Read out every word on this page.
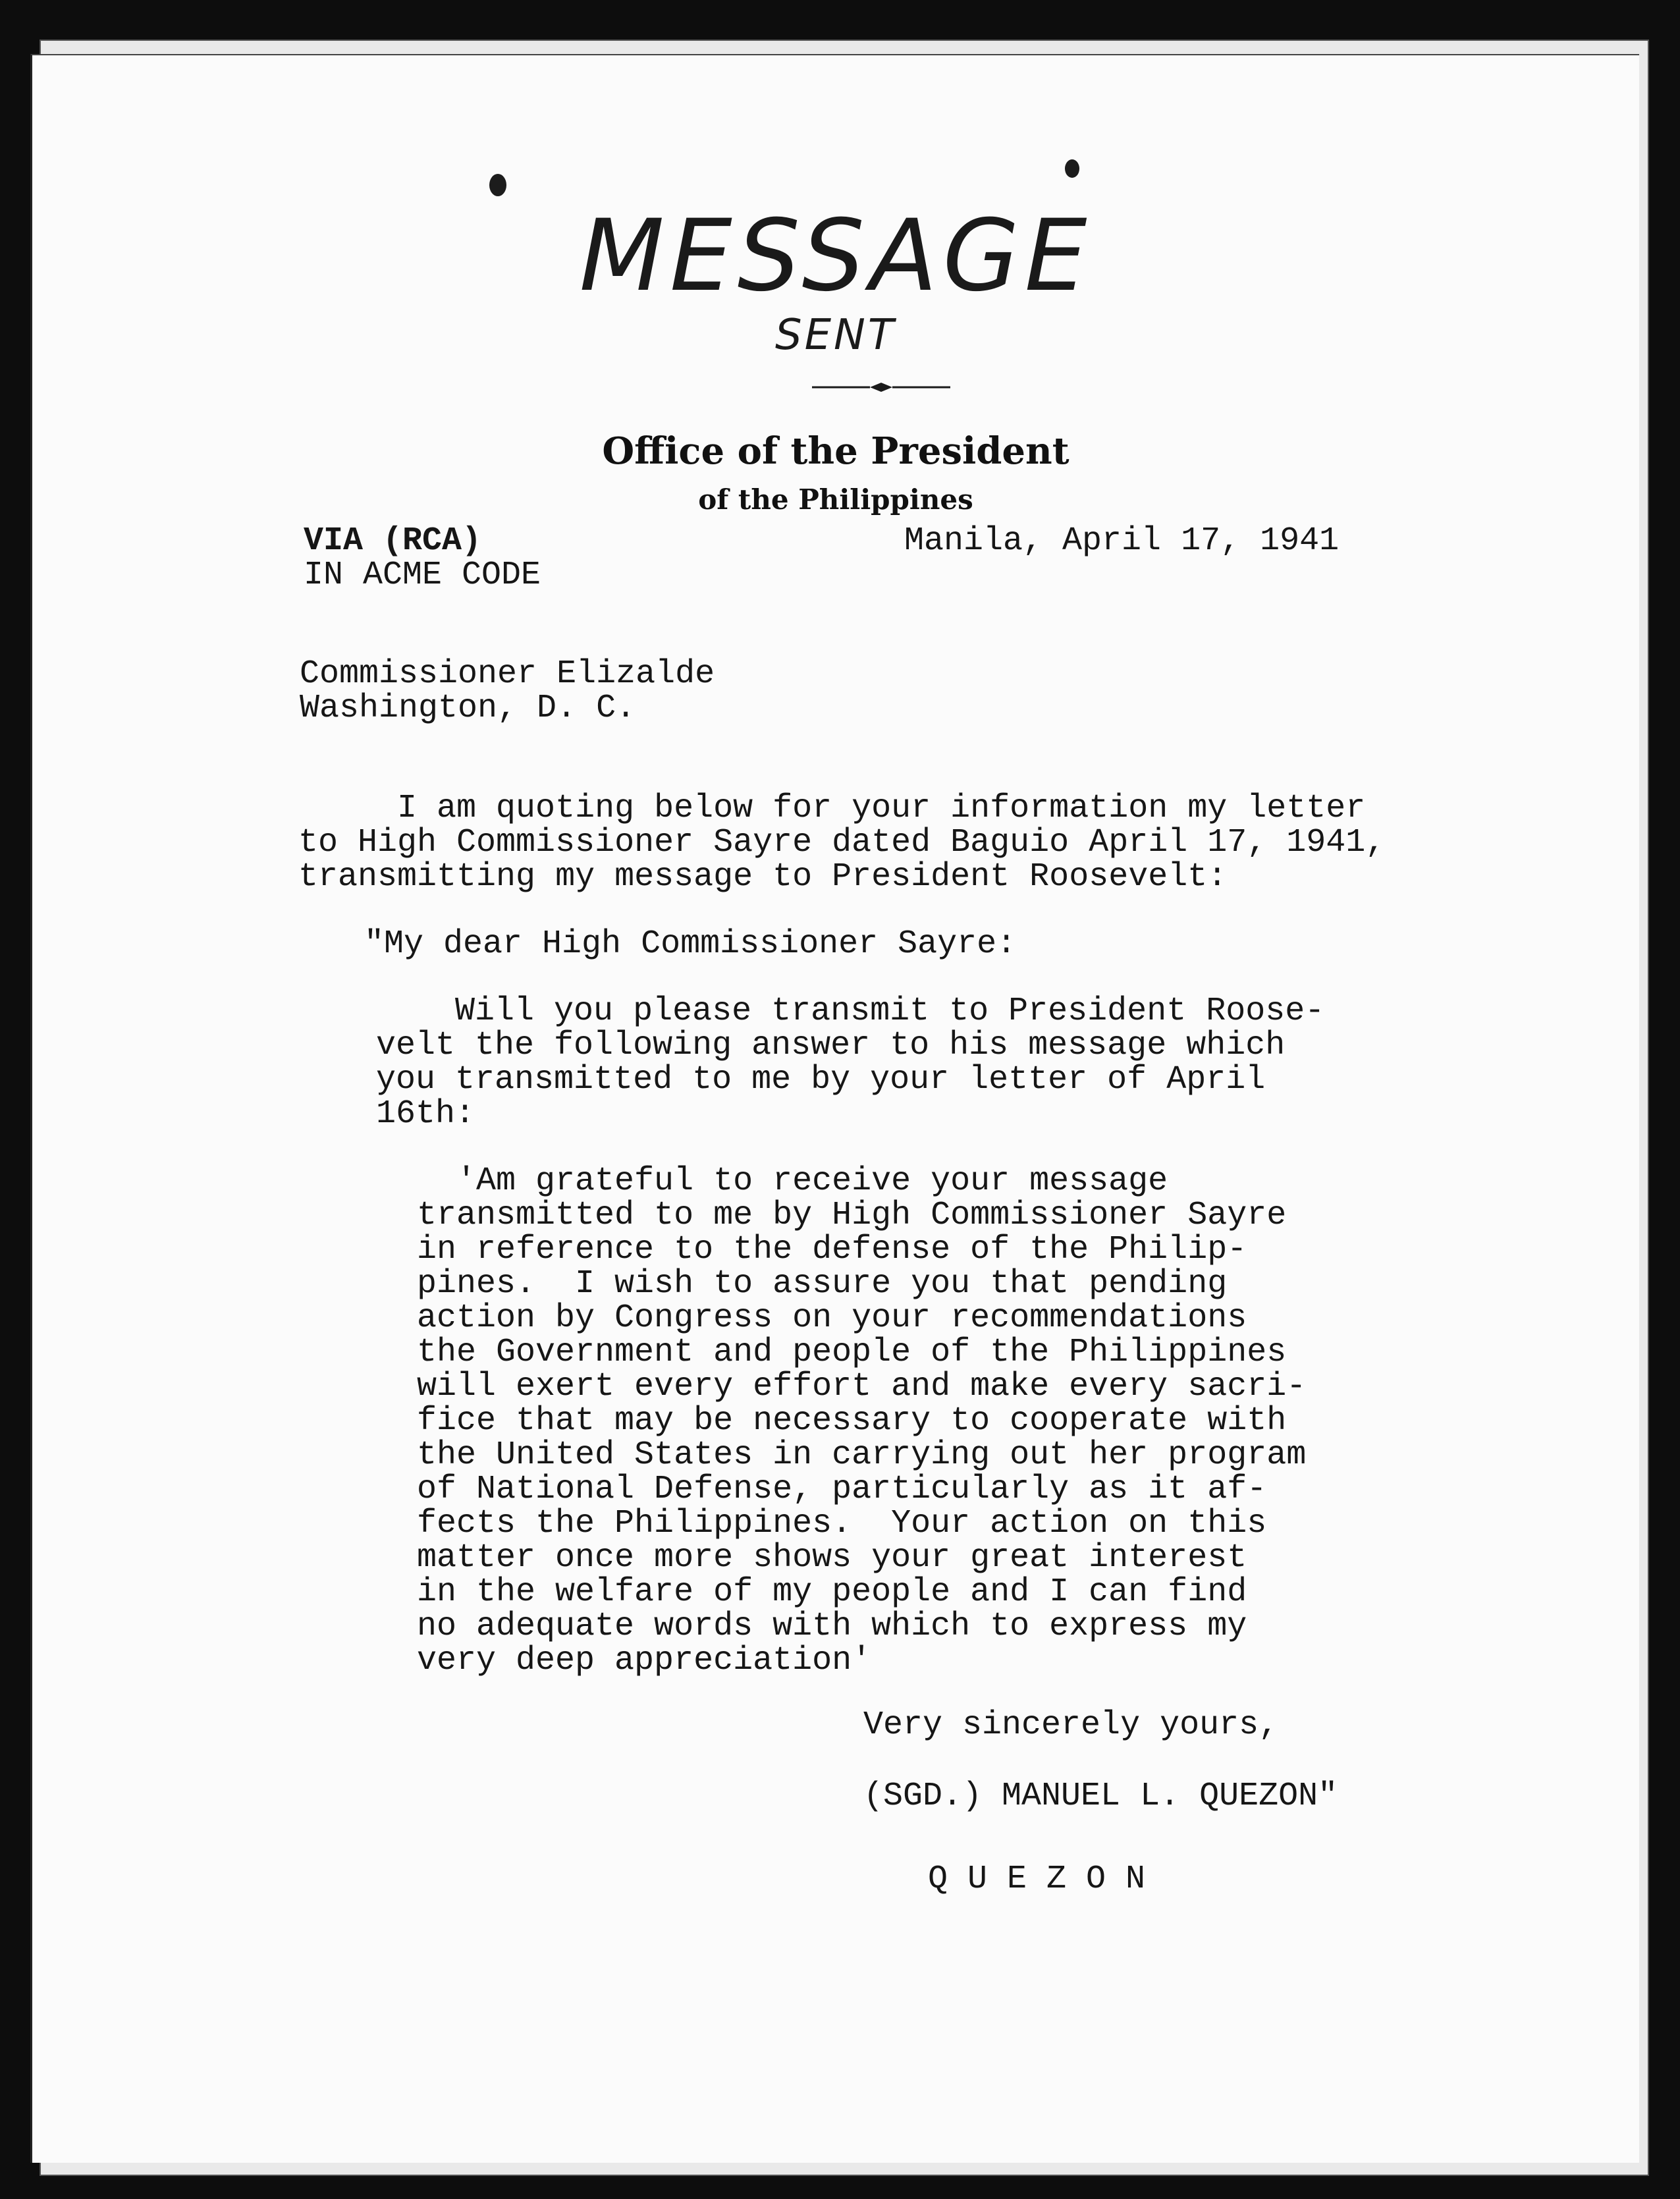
MESSAGE
SENT
Office of the President
of the Philippines

VIA (RCA)

IN ACME CODE

Manila, April 17, 1941

Commissioner Elizalde

Washington, D. C.

I am quoting below for your information my letter

to High Commissioner Sayre dated Baguio April 17, 1941,

transmitting my message to President Roosevelt:

"My dear High Commissioner Sayre:

Will you please transmit to President Roose-

velt the following answer to his message which

you transmitted to me by your letter of April

16th:

'Am grateful to receive your message

transmitted to me by High Commissioner Sayre

in reference to the defense of the Philip-

pines.  I wish to assure you that pending

action by Congress on your recommendations

the Government and people of the Philippines

will exert every effort and make every sacri-

fice that may be necessary to cooperate with

the United States in carrying out her program

of National Defense, particularly as it af-

fects the Philippines.  Your action on this

matter once more shows your great interest

in the welfare of my people and I can find

no adequate words with which to express my

very deep appreciation'

Very sincerely yours,

(SGD.) MANUEL L. QUEZON"

Q U E Z O N
